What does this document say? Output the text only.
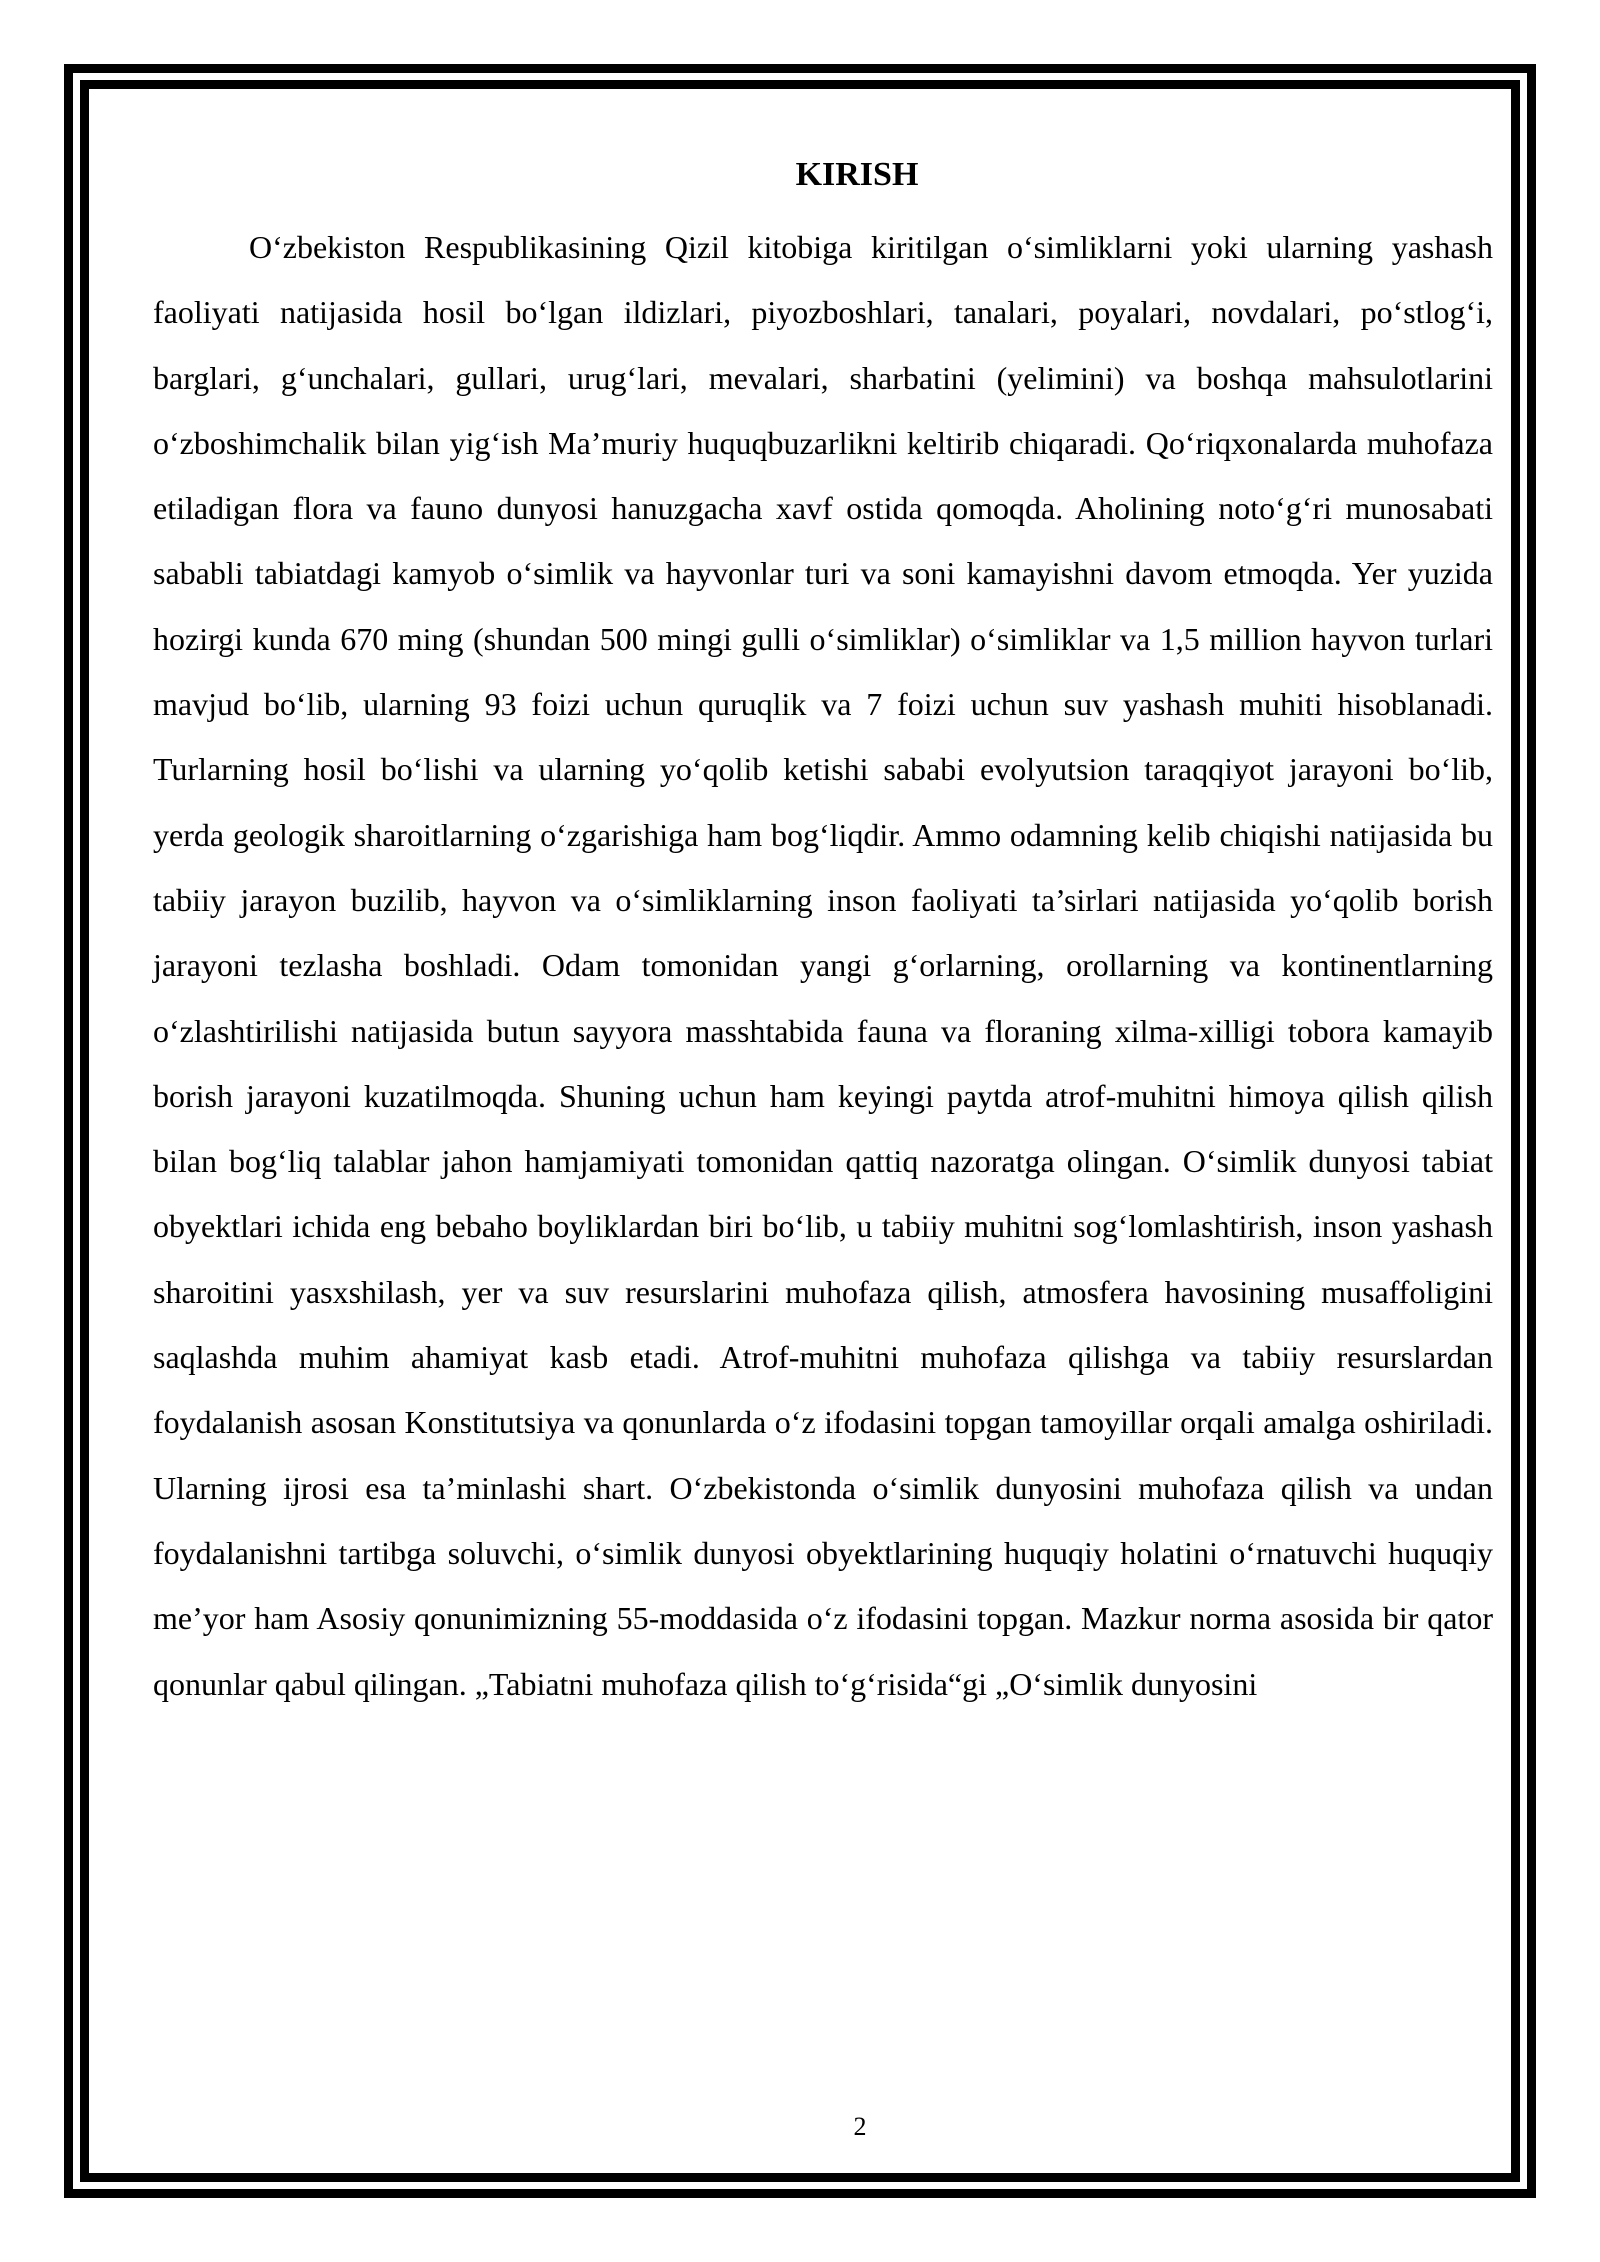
KIRISH

O‘zbekiston Respublikasining Qizil kitobiga kiritilgan o‘simliklarni yoki ularning yashash faoliyati natijasida hosil bo‘lgan ildizlari, piyozboshlari, tanalari, poyalari, novdalari, po‘stlog‘i, barglari, g‘unchalari, gullari, urug‘lari, mevalari, sharbatini (yelimini) va boshqa mahsulotlarini o‘zboshimchalik bilan yig‘ish Ma’muriy huquqbuzarlikni keltirib chiqaradi. Qo‘riqxonalarda muhofaza etiladigan flora va fauno dunyosi hanuzgacha xavf ostida qomoqda. Aholining noto‘g‘ri munosabati sababli tabiatdagi kamyob o‘simlik va hayvonlar turi va soni kamayishni davom etmoqda. Yer yuzida hozirgi kunda 670 ming (shundan 500 mingi gulli o‘simliklar) o‘simliklar va 1,5 million hayvon turlari mavjud bo‘lib, ularning 93 foizi uchun quruqlik va 7 foizi uchun suv yashash muhiti hisoblanadi. Turlarning hosil bo‘lishi va ularning yo‘qolib ketishi sababi evolyutsion taraqqiyot jarayoni bo‘lib, yerda geologik sharoitlarning o‘zgarishiga ham bog‘liqdir. Ammo odamning kelib chiqishi natijasida bu tabiiy jarayon buzilib, hayvon va o‘simliklarning inson faoliyati ta’sirlari natijasida yo‘qolib borish jarayoni tezlasha boshladi. Odam tomonidan yangi g‘orlarning, orollarning va kontinentlarning o‘zlashtirilishi natijasida butun sayyora masshtabida fauna va floraning xilma-xilligi tobora kamayib borish jarayoni kuzatilmoqda. Shuning uchun ham keyingi paytda atrof-muhitni himoya qilish qilish bilan bog‘liq talablar jahon hamjamiyati tomonidan qattiq nazoratga olingan. O‘simlik dunyosi tabiat obyektlari ichida eng bebaho boyliklardan biri bo‘lib, u tabiiy muhitni sog‘lomlashtirish, inson yashash sharoitini yasxshilash, yer va suv resurslarini muhofaza qilish, atmosfera havosining musaffoligini saqlashda muhim ahamiyat kasb etadi. Atrof-muhitni muhofaza qilishga va tabiiy resurslardan foydalanish asosan Konstitutsiya va qonunlarda o‘z ifodasini topgan tamoyillar orqali amalga oshiriladi. Ularning ijrosi esa ta’minlashi shart. O‘zbekistonda o‘simlik dunyosini muhofaza qilish va undan foydalanishni tartibga soluvchi, o‘simlik dunyosi obyektlarining huquqiy holatini o‘rnatuvchi huquqiy me’yor ham Asosiy qonunimizning 55-moddasida o‘z ifodasini topgan. Mazkur norma asosida bir qator qonunlar qabul qilingan. „Tabiatni muhofaza qilish to‘g‘risida“gi „O‘simlik dunyosini

2
